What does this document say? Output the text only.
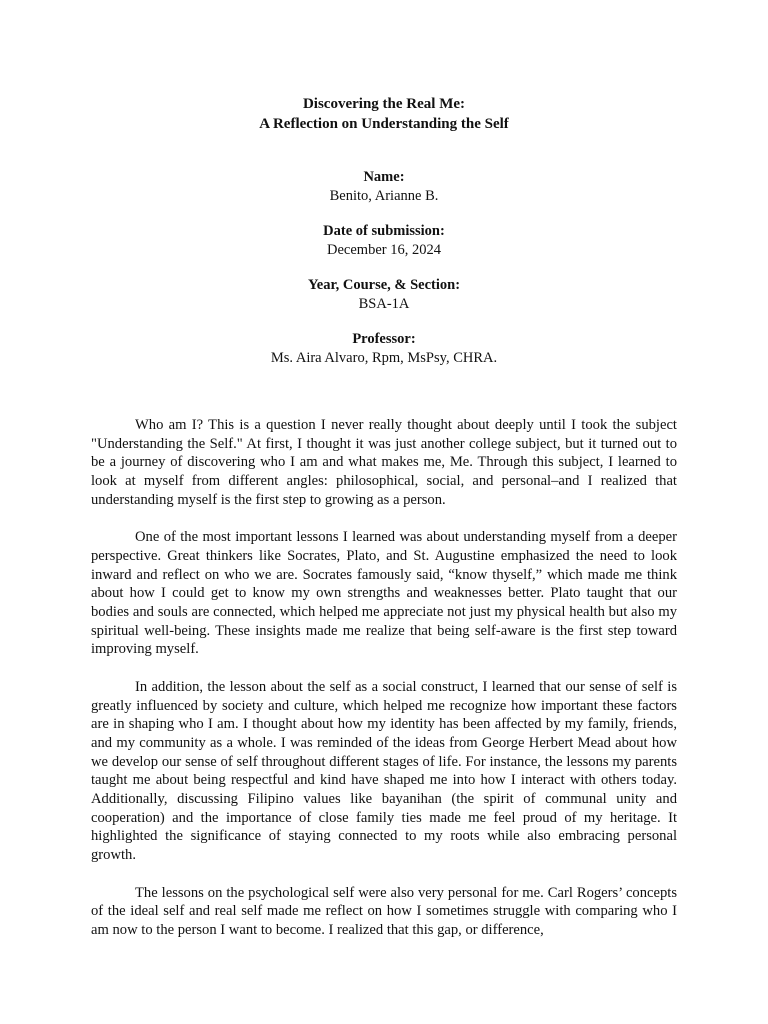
Discovering the Real Me:
A Reflection on Understanding the Self
Name:
Benito, Arianne B.
Date of submission:
December 16, 2024
Year, Course, & Section:
BSA-1A
Professor:
Ms. Aira Alvaro, Rpm, MsPsy, CHRA.

Who am I? This is a question I never really thought about deeply until I took the subject "Understanding the Self." At first, I thought it was just another college subject, but it turned out to be a journey of discovering who I am and what makes me, Me. Through this subject, I learned to look at myself from different angles: philosophical, social, and personal–and I realized that understanding myself is the first step to growing as a person.

One of the most important lessons I learned was about understanding myself from a deeper perspective. Great thinkers like Socrates, Plato, and St. Augustine emphasized the need to look inward and reflect on who we are. Socrates famously said, “know thyself,” which made me think about how I could get to know my own strengths and weaknesses better. Plato taught that our bodies and souls are connected, which helped me appreciate not just my physical health but also my spiritual well-being. These insights made me realize that being self-aware is the first step toward improving myself.

In addition, the lesson about the self as a social construct, I learned that our sense of self is greatly influenced by society and culture, which helped me recognize how important these factors are in shaping who I am. I thought about how my identity has been affected by my family, friends, and my community as a whole. I was reminded of the ideas from George Herbert Mead about how we develop our sense of self throughout different stages of life. For instance, the lessons my parents taught me about being respectful and kind have shaped me into how I interact with others today. Additionally, discussing Filipino values like bayanihan (the spirit of communal unity and cooperation) and the importance of close family ties made me feel proud of my heritage. It highlighted the significance of staying connected to my roots while also embracing personal growth.

The lessons on the psychological self were also very personal for me. Carl Rogers’ concepts of the ideal self and real self made me reflect on how I sometimes struggle with comparing who I am now to the person I want to become. I realized that this gap, or difference,
